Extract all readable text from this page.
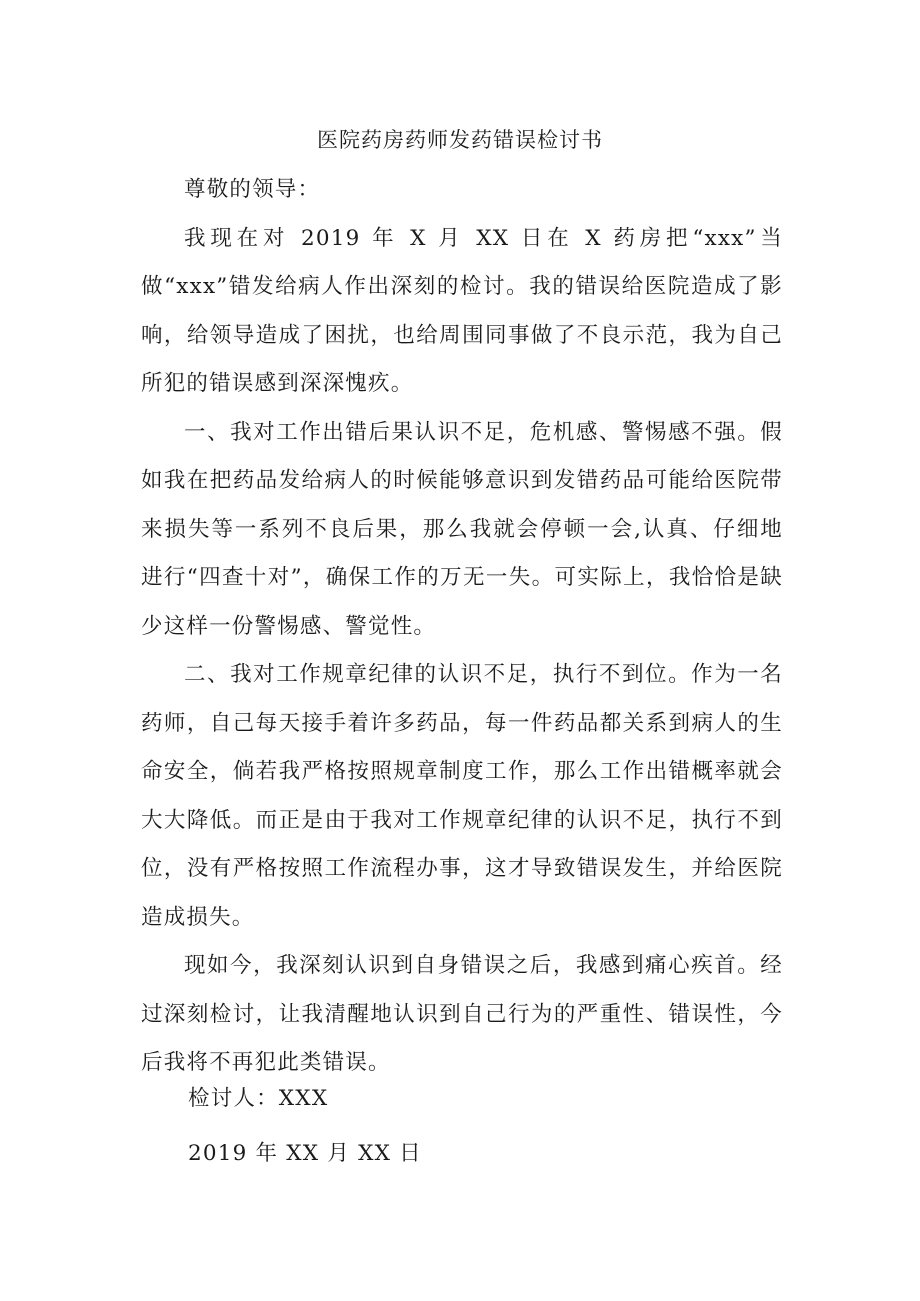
医院药房药师发药错误检讨书

尊敬的领导：

我现在对 2019 年 X 月 XX 日在 X 药房把“xxx”当做“xxx”错发给病人作出深刻的检讨。我的错误给医院造成了影响，给领导造成了困扰，也给周围同事做了不良示范，我为自己所犯的错误感到深深愧疚。

一、我对工作出错后果认识不足，危机感、警惕感不强。假如我在把药品发给病人的时候能够意识到发错药品可能给医院带来损失等一系列不良后果，那么我就会停顿一会,认真、仔细地进行“四查十对”，确保工作的万无一失。可实际上，我恰恰是缺少这样一份警惕感、警觉性。

二、我对工作规章纪律的认识不足，执行不到位。作为一名药师，自己每天接手着许多药品，每一件药品都关系到病人的生命安全，倘若我严格按照规章制度工作，那么工作出错概率就会大大降低。而正是由于我对工作规章纪律的认识不足，执行不到位，没有严格按照工作流程办事，这才导致错误发生，并给医院造成损失。

现如今，我深刻认识到自身错误之后，我感到痛心疾首。经过深刻检讨，让我清醒地认识到自己行为的严重性、错误性，今后我将不再犯此类错误。

检讨人：XXX
2019 年 XX 月 XX 日
